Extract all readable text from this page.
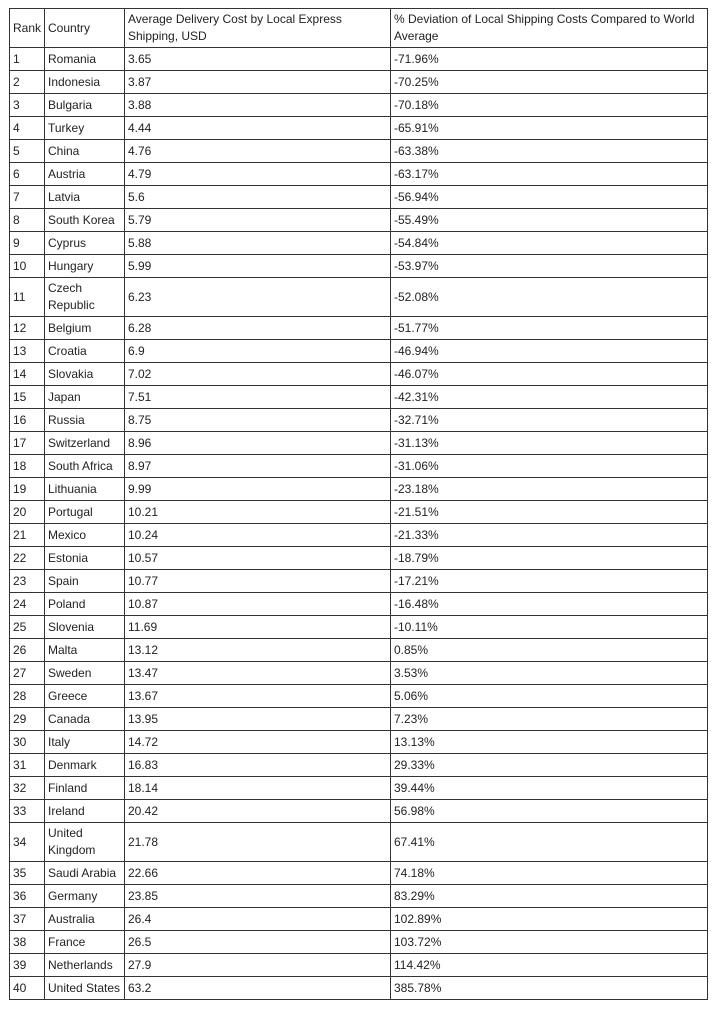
Rank	Country	Average Delivery Cost by Local Express Shipping, USD	% Deviation of Local Shipping Costs Compared to World Average
1	Romania	3.65	-71.96%
2	Indonesia	3.87	-70.25%
3	Bulgaria	3.88	-70.18%
4	Turkey	4.44	-65.91%
5	China	4.76	-63.38%
6	Austria	4.79	-63.17%
7	Latvia	5.6	-56.94%
8	South Korea	5.79	-55.49%
9	Cyprus	5.88	-54.84%
10	Hungary	5.99	-53.97%
11	Czech Republic	6.23	-52.08%
12	Belgium	6.28	-51.77%
13	Croatia	6.9	-46.94%
14	Slovakia	7.02	-46.07%
15	Japan	7.51	-42.31%
16	Russia	8.75	-32.71%
17	Switzerland	8.96	-31.13%
18	South Africa	8.97	-31.06%
19	Lithuania	9.99	-23.18%
20	Portugal	10.21	-21.51%
21	Mexico	10.24	-21.33%
22	Estonia	10.57	-18.79%
23	Spain	10.77	-17.21%
24	Poland	10.87	-16.48%
25	Slovenia	11.69	-10.11%
26	Malta	13.12	0.85%
27	Sweden	13.47	3.53%
28	Greece	13.67	5.06%
29	Canada	13.95	7.23%
30	Italy	14.72	13.13%
31	Denmark	16.83	29.33%
32	Finland	18.14	39.44%
33	Ireland	20.42	56.98%
34	United Kingdom	21.78	67.41%
35	Saudi Arabia	22.66	74.18%
36	Germany	23.85	83.29%
37	Australia	26.4	102.89%
38	France	26.5	103.72%
39	Netherlands	27.9	114.42%
40	United States	63.2	385.78%
